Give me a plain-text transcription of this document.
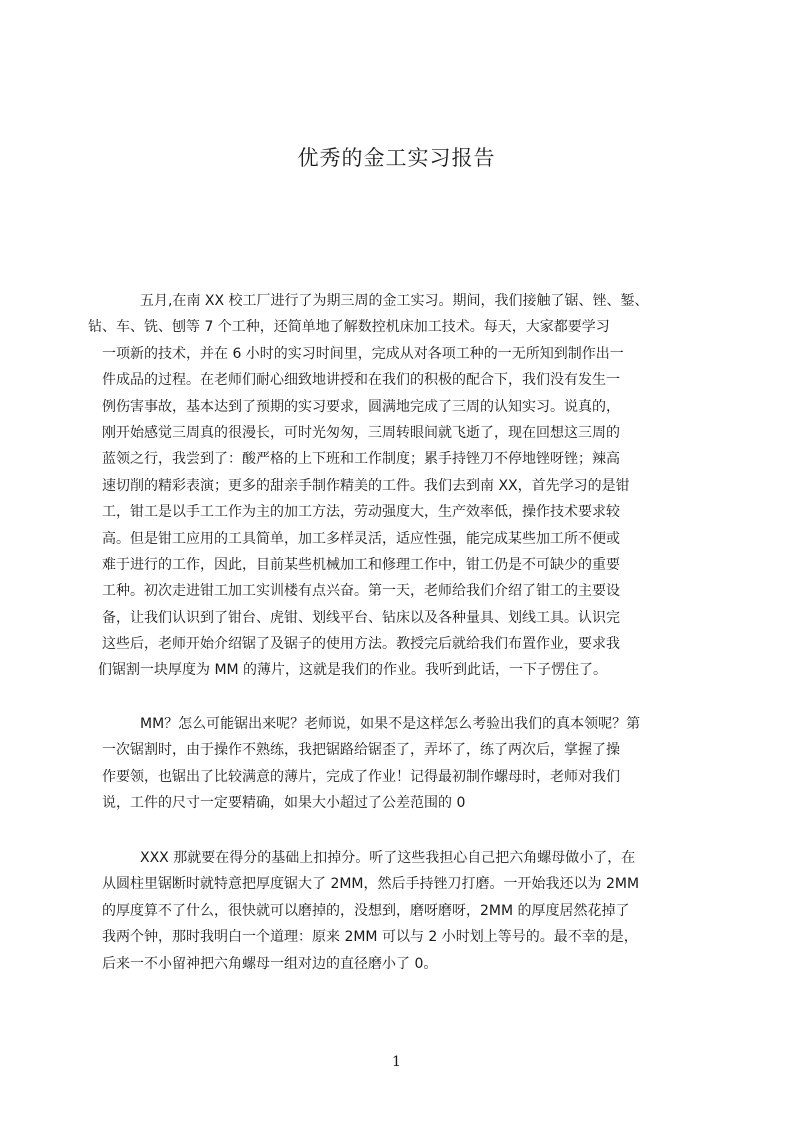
优秀的金工实习报告
五月,在南 XX 校工厂进行了为期三周的金工实习。期间，我们接触了锯、锉、錾、
钻、车、铣、刨等 7 个工种，还简单地了解数控机床加工技术。每天，大家都要学习
一项新的技术，并在 6 小时的实习时间里，完成从对各项工种的一无所知到制作出一
件成品的过程。在老师们耐心细致地讲授和在我们的积极的配合下，我们没有发生一
例伤害事故，基本达到了预期的实习要求，圆满地完成了三周的认知实习。说真的，
刚开始感觉三周真的很漫长，可时光匆匆，三周转眼间就飞逝了，现在回想这三周的
蓝领之行，我尝到了：酸严格的上下班和工作制度；累手持锉刀不停地锉呀锉；辣高
速切削的精彩表演；更多的甜亲手制作精美的工件。我们去到南 XX，首先学习的是钳
工，钳工是以手工工作为主的加工方法，劳动强度大，生产效率低，操作技术要求较
高。但是钳工应用的工具简单，加工多样灵活，适应性强，能完成某些加工所不便或
难于进行的工作，因此，目前某些机械加工和修理工作中，钳工仍是不可缺少的重要
工种。初次走进钳工加工实训楼有点兴奋。第一天，老师给我们介绍了钳工的主要设
备，让我们认识到了钳台、虎钳、划线平台、钻床以及各种量具、划线工具。认识完
这些后，老师开始介绍锯了及锯子的使用方法。教授完后就给我们布置作业，要求我
们锯割一块厚度为 MM 的薄片，这就是我们的作业。我听到此话，一下子愣住了。
MM？怎么可能锯出来呢？老师说，如果不是这样怎么考验出我们的真本领呢？第
一次锯割时，由于操作不熟练，我把锯路给锯歪了，弄坏了，练了两次后，掌握了操
作要领，也锯出了比较满意的薄片，完成了作业！记得最初制作螺母时，老师对我们
说，工件的尺寸一定要精确，如果大小超过了公差范围的 0
XXX 那就要在得分的基础上扣掉分。听了这些我担心自己把六角螺母做小了，在
从圆柱里锯断时就特意把厚度锯大了 2MM，然后手持锉刀打磨。一开始我还以为 2MM
的厚度算不了什么，很快就可以磨掉的，没想到，磨呀磨呀，2MM 的厚度居然花掉了
我两个钟，那时我明白一个道理：原来 2MM 可以与 2 小时划上等号的。最不幸的是，
后来一不小留神把六角螺母一组对边的直径磨小了 0。
1
